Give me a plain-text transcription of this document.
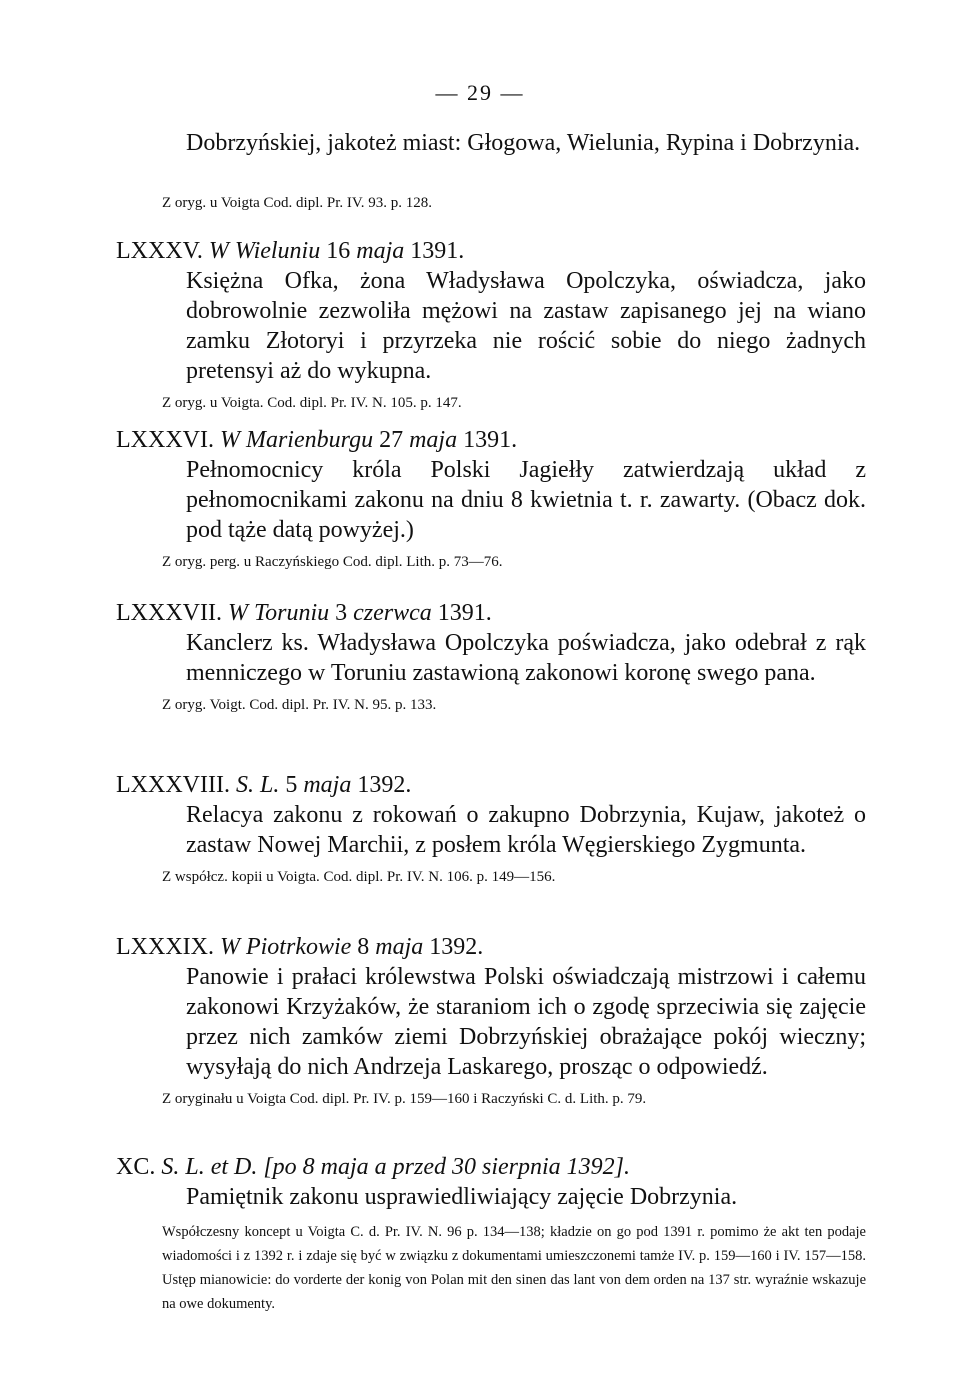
— 29 —
Dobrzyńskiej, jakoteż miast: Głogowa, Wielunia, Rypina i Dobrzynia.
Z oryg. u Voigta Cod. dipl. Pr. IV. 93. p. 128.
LXXXV. W Wieluniu 16 maja 1391.
Księżna Ofka, żona Władysława Opolczyka, oświadcza, jako dobrowolnie zezwoliła mężowi na zastaw zapisanego jej na wiano zamku Złotoryi i przyrzeka nie rościć sobie do niego żadnych pretensyi aż do wykupna.
Z oryg. u Voigta. Cod. dipl. Pr. IV. N. 105. p. 147.
LXXXVI. W Marienburgu 27 maja 1391.
Pełnomocnicy króla Polski Jagiełły zatwierdzają układ z pełnomocnikami zakonu na dniu 8 kwietnia t. r. zawarty. (Obacz dok. pod tąże datą powyżej.)
Z oryg. perg. u Raczyńskiego Cod. dipl. Lith. p. 73—76.
LXXXVII. W Toruniu 3 czerwca 1391.
Kanclerz ks. Władysława Opolczyka poświadcza, jako odebrał z rąk menniczego w Toruniu zastawioną zakonowi koronę swego pana.
Z oryg. Voigt. Cod. dipl. Pr. IV. N. 95. p. 133.
LXXXVIII. S. L. 5 maja 1392.
Relacya zakonu z rokowań o zakupno Dobrzynia, Kujaw, jakoteż o zastaw Nowej Marchii, z posłem króla Węgierskiego Zygmunta.
Z współcz. kopii u Voigta. Cod. dipl. Pr. IV. N. 106. p. 149—156.
LXXXIX. W Piotrkowie 8 maja 1392.
Panowie i prałaci królewstwa Polski oświadczają mistrzowi i całemu zakonowi Krzyżaków, że staraniom ich o zgodę sprzeciwia się zajęcie przez nich zamków ziemi Dobrzyńskiej obrażające pokój wieczny; wysyłają do nich Andrzeja Laskarego, prosząc o odpowiedź.
Z oryginału u Voigta Cod. dipl. Pr. IV. p. 159—160 i Raczyński C. d. Lith. p. 79.
XC. S. L. et D. [po 8 maja a przed 30 sierpnia 1392].
Pamiętnik zakonu usprawiedliwiający zajęcie Dobrzynia.
Współczesny koncept u Voigta C. d. Pr. IV. N. 96 p. 134—138; kładzie on go pod 1391 r. pomimo że akt ten podaje wiadomości i z 1392 r. i zdaje się być w związku z dokumentami umieszczonemi tamże IV. p. 159—160 i IV. 157—158. Ustęp mianowicie: do vorderte der konig von Polan mit den sinen das lant von dem orden na 137 str. wyraźnie wskazuje na owe dokumenty.
